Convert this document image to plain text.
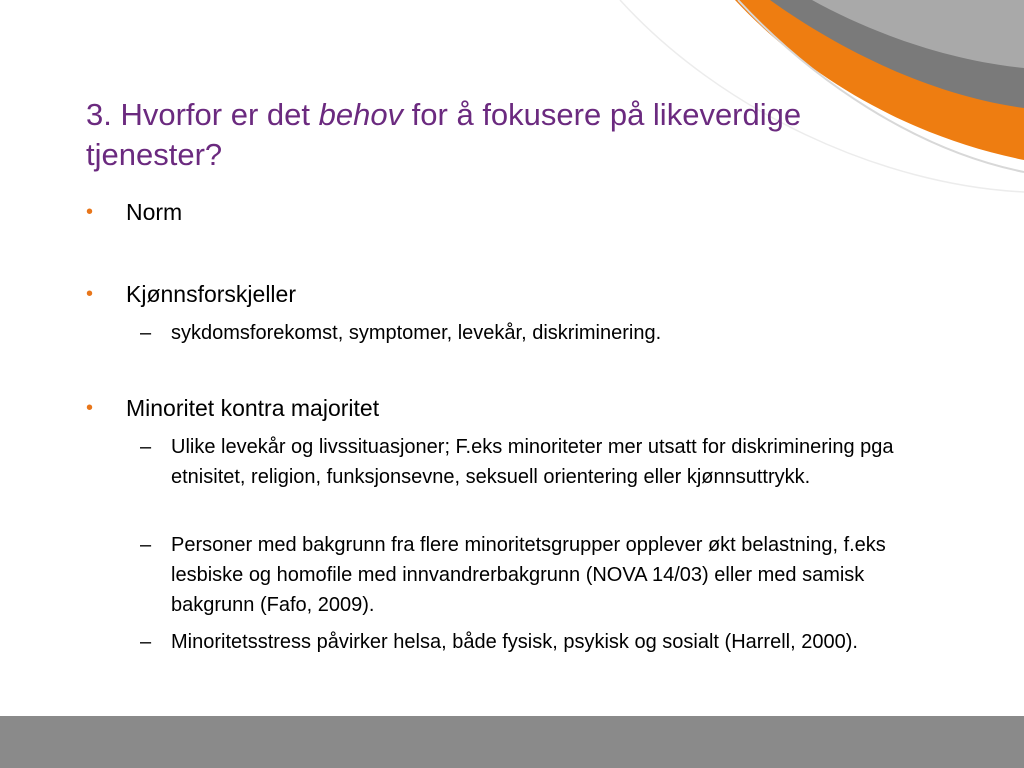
3. Hvorfor er det behov for å fokusere på likeverdige tjenester?
•	Norm
•	Kjønnsforskjeller
– sykdomsforekomst, symptomer, levekår, diskriminering.
•	Minoritet kontra majoritet
– Ulike levekår og livssituasjoner; F.eks minoriteter mer utsatt for diskriminering pga etnisitet, religion, funksjonsevne, seksuell orientering eller kjønnsuttrykk.
– Personer med bakgrunn fra flere minoritetsgrupper opplever økt belastning, f.eks lesbiske og homofile med innvandrerbakgrunn (NOVA 14/03) eller med samisk bakgrunn (Fafo, 2009).
– Minoritetsstress påvirker helsa, både fysisk, psykisk og sosialt (Harrell, 2000).
